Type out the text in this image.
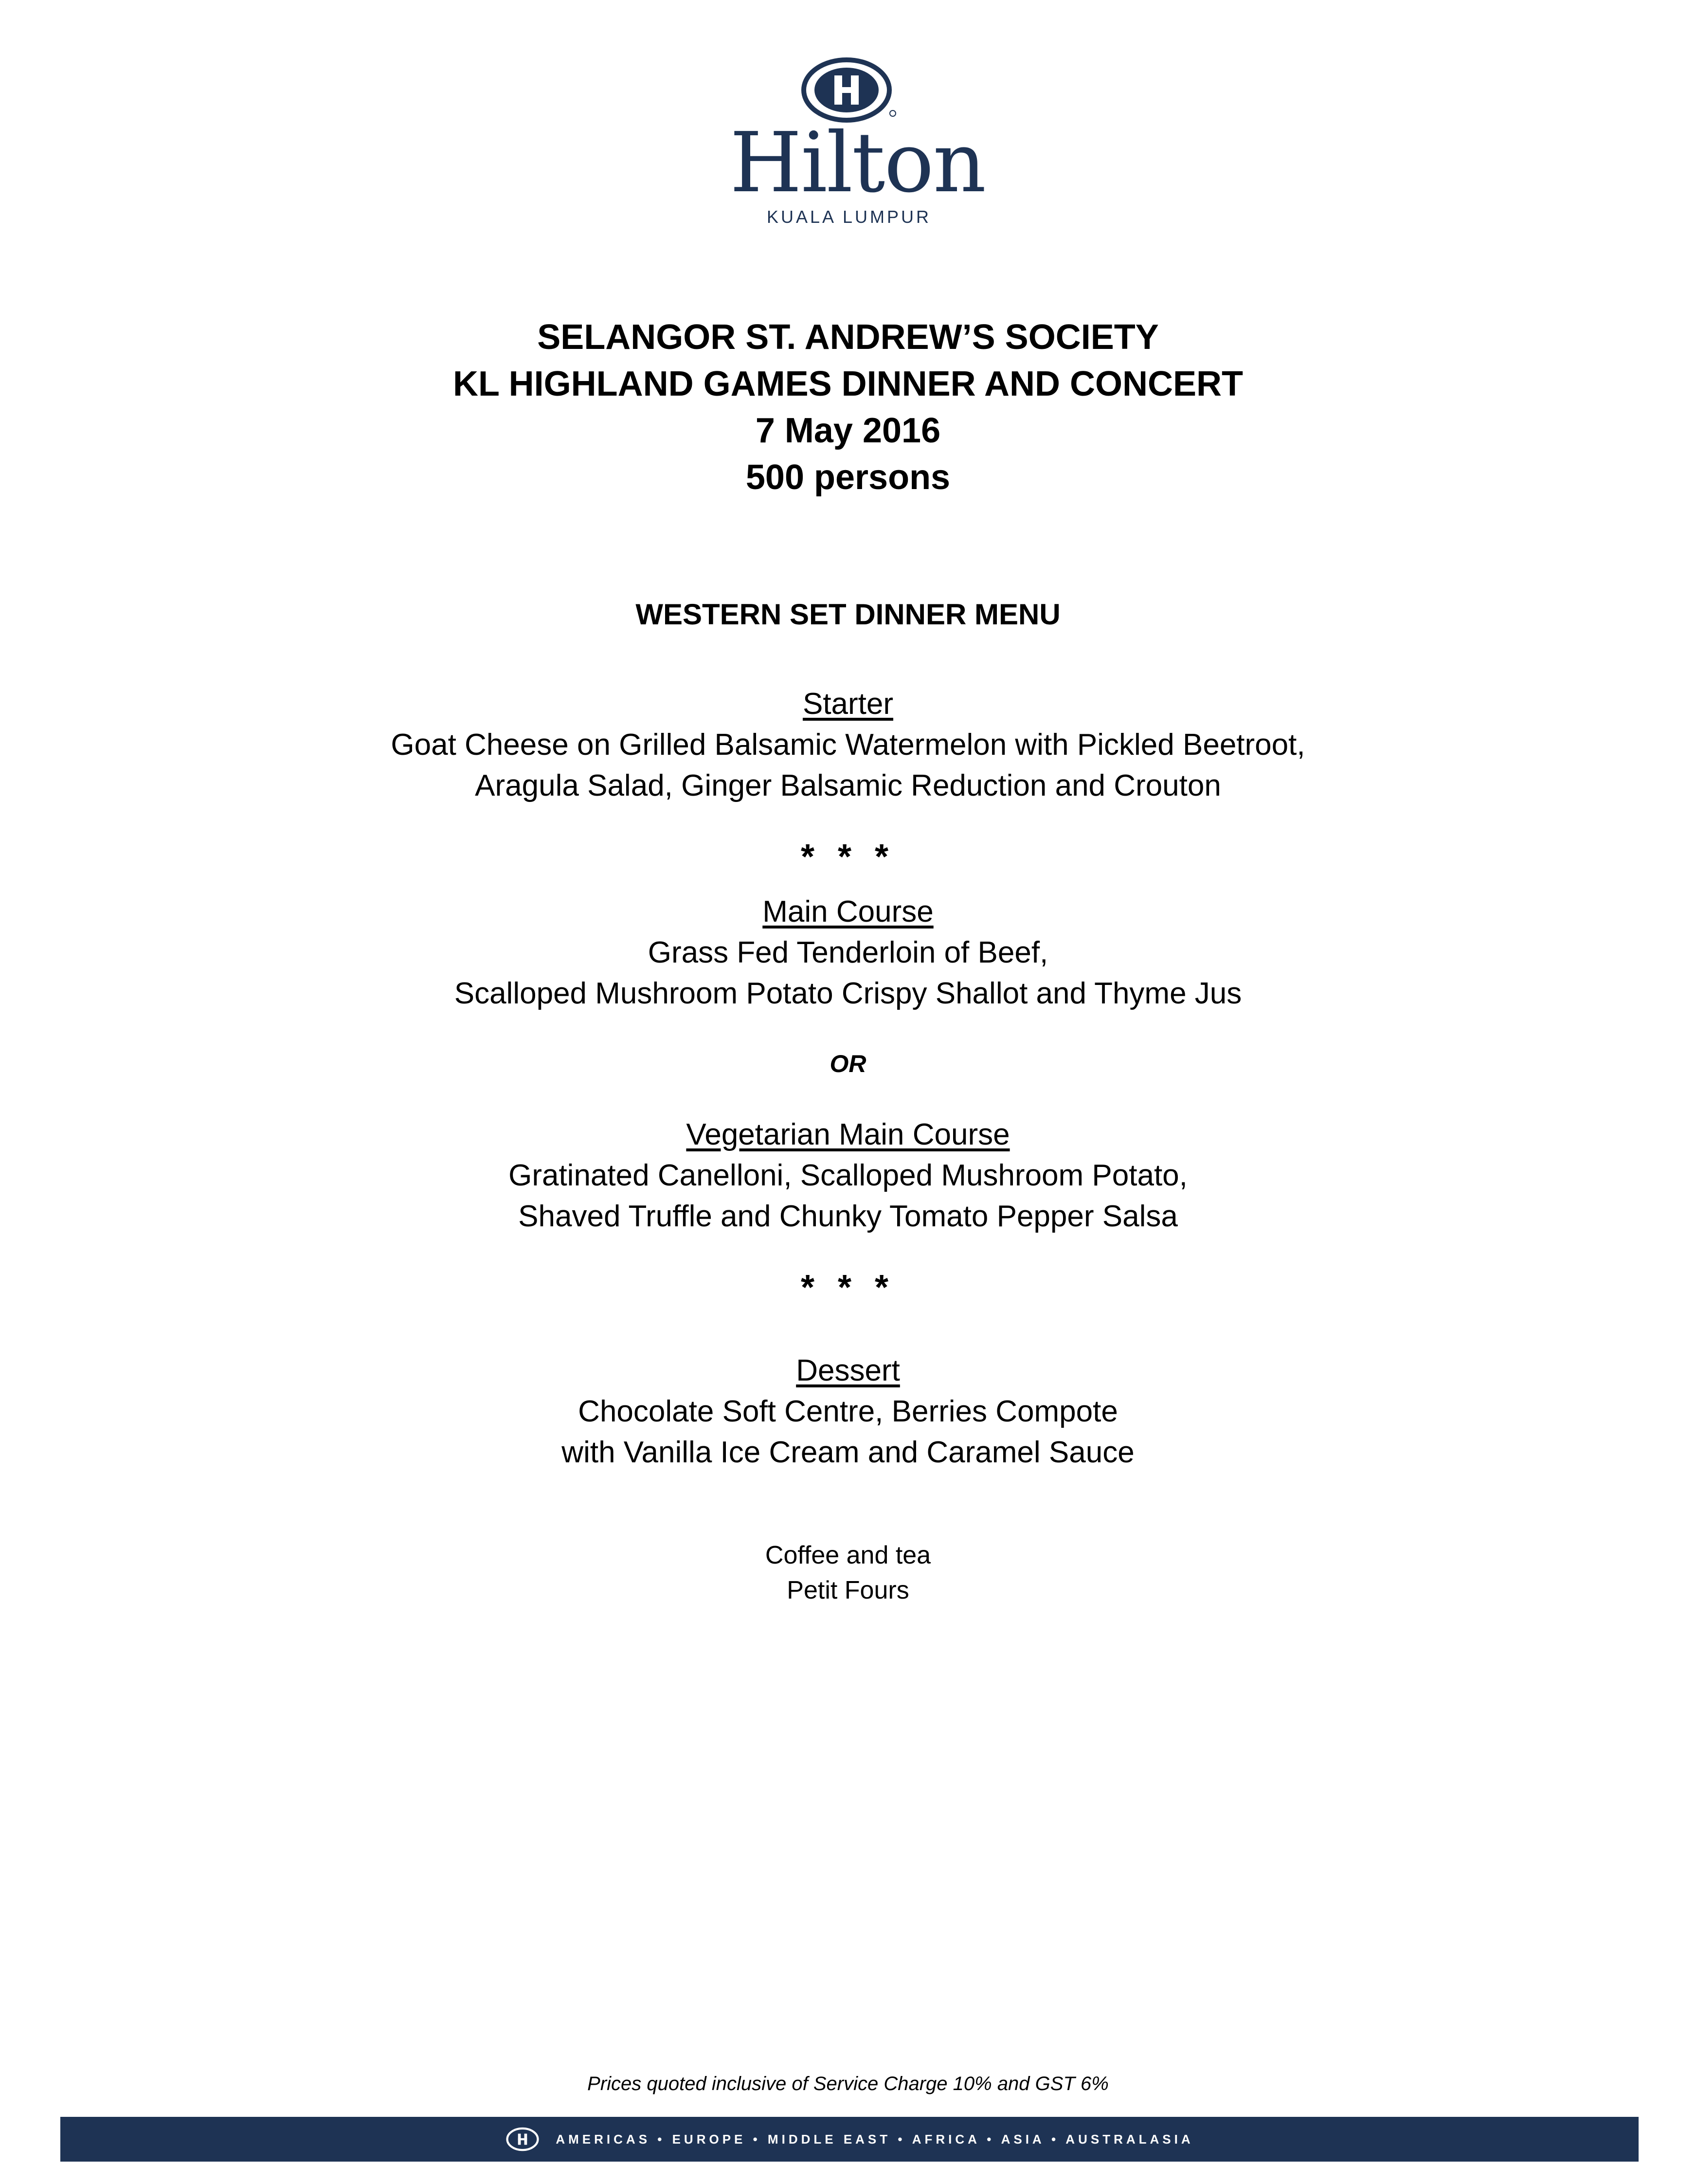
Hilton
KUALA LUMPUR
SELANGOR ST. ANDREW’S SOCIETY
KL HIGHLAND GAMES DINNER AND CONCERT
7 May 2016
500 persons
WESTERN SET DINNER MENU
Starter
Goat Cheese on Grilled Balsamic Watermelon with Pickled Beetroot,
Aragula Salad, Ginger Balsamic Reduction and Crouton
* * *
Main Course
Grass Fed Tenderloin of Beef,
Scalloped Mushroom Potato Crispy Shallot and Thyme Jus
OR
Vegetarian Main Course
Gratinated Canelloni, Scalloped Mushroom Potato,
Shaved Truffle and Chunky Tomato Pepper Salsa
* * *
Dessert
Chocolate Soft Centre, Berries Compote
with Vanilla Ice Cream and Caramel Sauce
Coffee and tea
Petit Fours
Prices quoted inclusive of Service Charge 10% and GST 6%
AMERICAS • EUROPE • MIDDLE EAST • AFRICA • ASIA • AUSTRALASIA
